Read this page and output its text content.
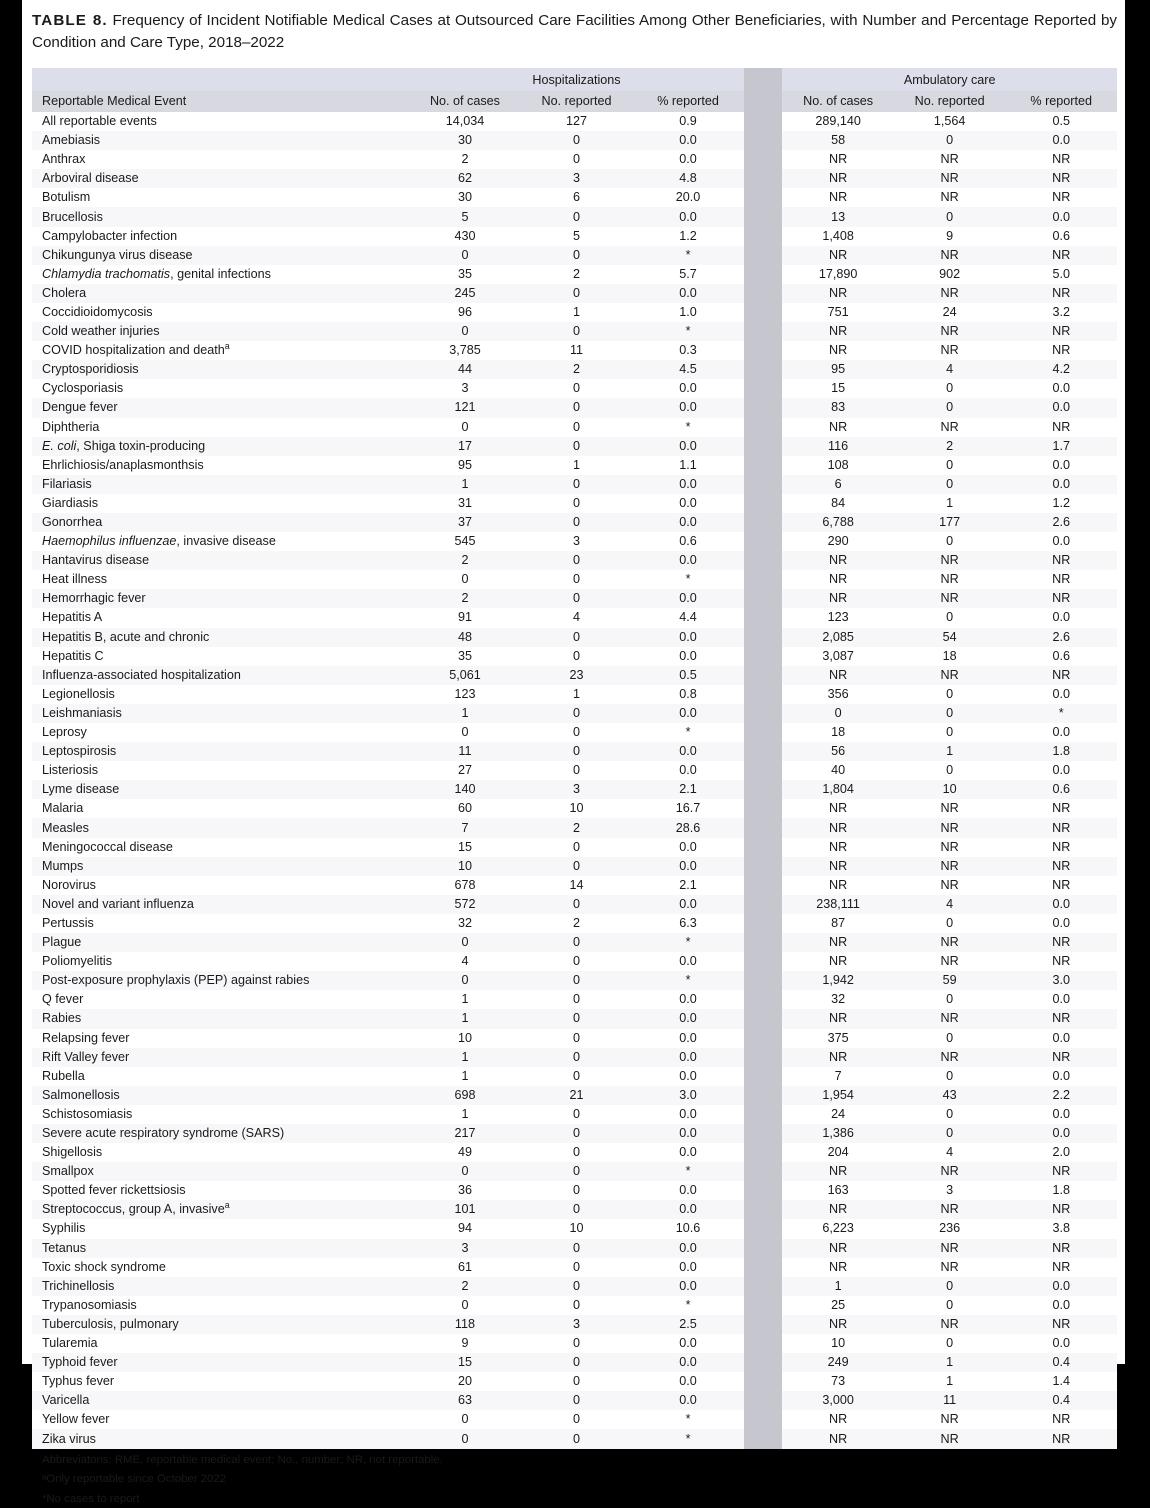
TABLE 8. Frequency of Incident Notifiable Medical Cases at Outsourced Care Facilities Among Other Beneficiaries, with Number and Percentage Reported by Condition and Care Type, 2018–2022
	Hospitalizations				Ambulatory care		
Reportable Medical Event	No. of cases	No. reported	% reported		No. of cases	No. reported	% reported
All reportable events	14,034	127	0.9		289,140	1,564	0.5
Amebiasis	30	0	0.0		58	0	0.0
Anthrax	2	0	0.0		NR	NR	NR
Arboviral disease	62	3	4.8		NR	NR	NR
Botulism	30	6	20.0		NR	NR	NR
Brucellosis	5	0	0.0		13	0	0.0
Campylobacter infection	430	5	1.2		1,408	9	0.6
Chikungunya virus disease	0	0	*		NR	NR	NR
Chlamydia trachomatis, genital infections	35	2	5.7		17,890	902	5.0
Cholera	245	0	0.0		NR	NR	NR
Coccidioidomycosis	96	1	1.0		751	24	3.2
Cold weather injuries	0	0	*		NR	NR	NR
COVID hospitalization and death$^a$	3,785	11	0.3		NR	NR	NR
Cryptosporidiosis	44	2	4.5		95	4	4.2
Cyclosporiasis	3	0	0.0		15	0	0.0
Dengue fever	121	0	0.0		83	0	0.0
Diphtheria	0	0	*		NR	NR	NR
E. coli, Shiga toxin-producing	17	0	0.0		116	2	1.7
Ehrlichiosis/anaplasmonthsis	95	1	1.1		108	0	0.0
Filariasis	1	0	0.0		6	0	0.0
Giardiasis	31	0	0.0		84	1	1.2
Gonorrhea	37	0	0.0		6,788	177	2.6
Haemophilus influenzae, invasive disease	545	3	0.6		290	0	0.0
Hantavirus disease	2	0	0.0		NR	NR	NR
Heat illness	0	0	*		NR	NR	NR
Hemorrhagic fever	2	0	0.0		NR	NR	NR
Hepatitis A	91	4	4.4		123	0	0.0
Hepatitis B, acute and chronic	48	0	0.0		2,085	54	2.6
Hepatitis C	35	0	0.0		3,087	18	0.6
Influenza-associated hospitalization	5,061	23	0.5		NR	NR	NR
Legionellosis	123	1	0.8		356	0	0.0
Leishmaniasis	1	0	0.0		0	0	*
Leprosy	0	0	*		18	0	0.0
Leptospirosis	11	0	0.0		56	1	1.8
Listeriosis	27	0	0.0		40	0	0.0
Lyme disease	140	3	2.1		1,804	10	0.6
Malaria	60	10	16.7		NR	NR	NR
Measles	7	2	28.6		NR	NR	NR
Meningococcal disease	15	0	0.0		NR	NR	NR
Mumps	10	0	0.0		NR	NR	NR
Norovirus	678	14	2.1		NR	NR	NR
Novel and variant influenza	572	0	0.0		238,111	4	0.0
Pertussis	32	2	6.3		87	0	0.0
Plague	0	0	*		NR	NR	NR
Poliomyelitis	4	0	0.0		NR	NR	NR
Post-exposure prophylaxis (PEP) against rabies	0	0	*		1,942	59	3.0
Q fever	1	0	0.0		32	0	0.0
Rabies	1	0	0.0		NR	NR	NR
Relapsing fever	10	0	0.0		375	0	0.0
Rift Valley fever	1	0	0.0		NR	NR	NR
Rubella	1	0	0.0		7	0	0.0
Salmonellosis	698	21	3.0		1,954	43	2.2
Schistosomiasis	1	0	0.0		24	0	0.0
Severe acute respiratory syndrome (SARS)	217	0	0.0		1,386	0	0.0
Shigellosis	49	0	0.0		204	4	2.0
Smallpox	0	0	*		NR	NR	NR
Spotted fever rickettsiosis	36	0	0.0		163	3	1.8
Streptococcus, group A, invasive$^a$	101	0	0.0		NR	NR	NR
Syphilis	94	10	10.6		6,223	236	3.8
Tetanus	3	0	0.0		NR	NR	NR
Toxic shock syndrome	61	0	0.0		NR	NR	NR
Trichinellosis	2	0	0.0		1	0	0.0
Trypanosomiasis	0	0	*		25	0	0.0
Tuberculosis, pulmonary	118	3	2.5		NR	NR	NR
Tularemia	9	0	0.0		10	0	0.0
Typhoid fever	15	0	0.0		249	1	0.4
Typhus fever	20	0	0.0		73	1	1.4
Varicella	63	0	0.0		3,000	11	0.4
Yellow fever	0	0	*		NR	NR	NR
Zika virus	0	0	*		NR	NR	NR
Abbreviatons: RME, reportable medical event; No., number; NR, not reportable.
ᵃOnly reportable since October 2022
*No cases to report
